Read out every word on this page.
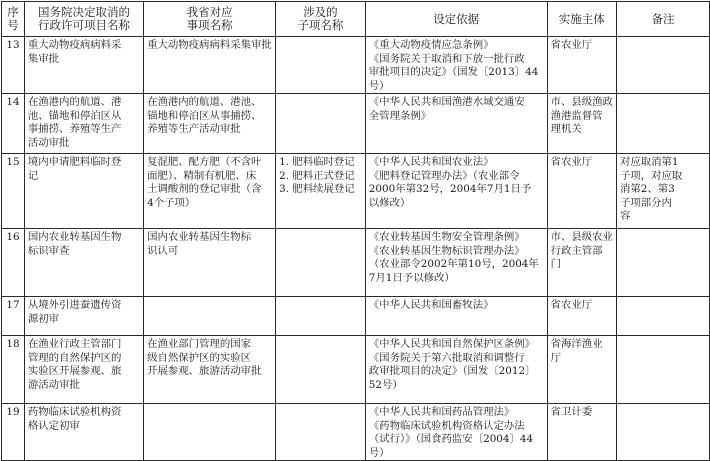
序
号	国务院决定取消的
行政许可项目名称	我省对应
事项名称	涉及的
子项名称	设定依据	实施主体	备注

13	重大动物疫病病料采
集审批	重大动物疫病病料采集审批		《重大动物疫情应急条例》
《国务院关于取消和下放一批行政
审批项目的决定》（国发〔2013〕44
号）	省农业厅	

14	在渔港内的航道、港
池、锚地和停泊区从
事捕捞、养殖等生产
活动审批	在渔港内的航道、港池、
锚地和停泊区从事捕捞、
养殖等生产活动审批		《中华人民共和国渔港水域交通安
全管理条例》	市、县级渔政
渔港监督管
理机关	

15	境内申请肥料临时登
记	复混肥、配方肥（不含叶
面肥）、精制有机肥、床
土调酸剂的登记审批（含
4个子项）	1. 肥料临时登记
2. 肥料正式登记
3. 肥料续展登记	《中华人民共和国农业法》
《肥料登记管理办法》（农业部令
2000年第32号，2004年7月1日予
以修改）	省农业厅	对应取消第1
子项，对应取
消第2、第3
子项部分内
容

16	国内农业转基因生物
标识审查	国内农业转基因生物标
识认可		《农业转基因生物安全管理条例》
《农业转基因生物标识管理办法》
（农业部令2002年第10号，2004年
7月1日予以修改）	市、县级农业
行政主管部
门	

17	从境外引进蚕遗传资
源初审			《中华人民共和国畜牧法》	省农业厅	

18	在渔业行政主管部门
管理的自然保护区的
实验区开展参观、旅
游活动审批	在渔业部门管理的国家
级自然保护区的实验区
开展参观、旅游活动审批		《中华人民共和国自然保护区条例》
《国务院关于第六批取消和调整行
政审批项目的决定》（国发〔2012〕
52号）	省海洋渔业
厅	

19	药物临床试验机构资
格认定初审			《中华人民共和国药品管理法》
《药物临床试验机构资格认定办法
（试行）》（国食药监安〔2004〕44
号）	省卫计委	
